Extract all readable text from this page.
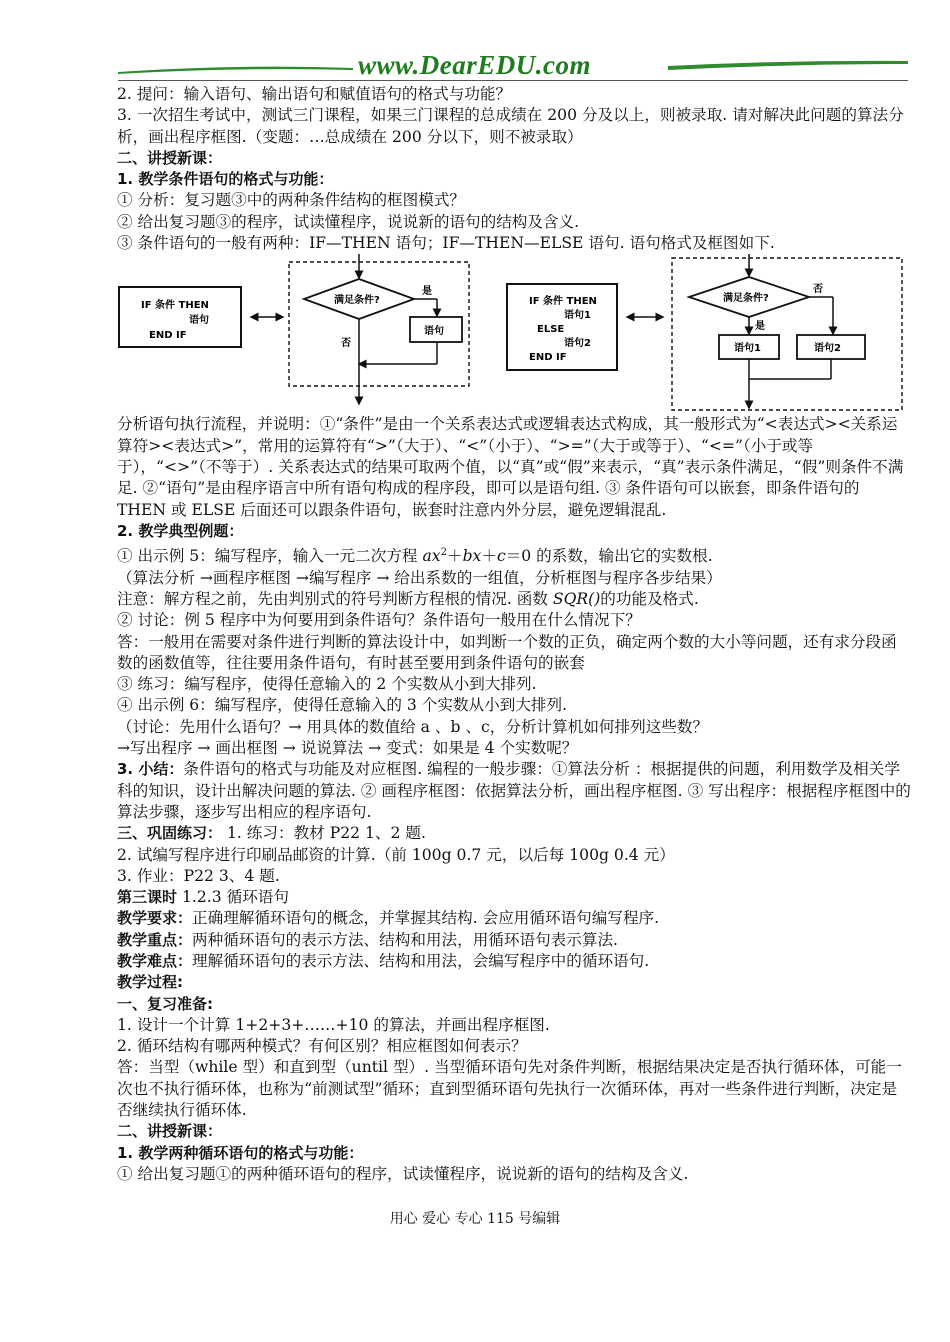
www.DearEDU.com

2. 提问：输入语句、输出语句和赋值语句的格式与功能？

3. 一次招生考试中，测试三门课程，如果三门课程的总成绩在 200 分及以上，则被录取. 请对解决此问题的算法分析，画出程序框图.（变题：…总成绩在 200 分以下，则不被录取）

二、讲授新课：

1. 教学条件语句的格式与功能：

① 分析：复习题③中的两种条件结构的框图模式？

② 给出复习题③的程序，试读懂程序，说说新的语句的结构及含义.

③ 条件语句的一般有两种：IF—THEN 语句；IF—THEN—ELSE 语句. 语句格式及框图如下.

IF 条件 THEN
语句
END IF
满足条件?
是
语句
否
IF 条件 THEN
语句1
ELSE
语句2
END IF
满足条件?
否
是
语句1	语句2

分析语句执行流程，并说明：①“条件”是由一个关系表达式或逻辑表达式构成，其一般形式为“<表达式><关系运算符><表达式>”，常用的运算符有“>”（大于）、“<”（小于）、“>=”（大于或等于）、“<=”（小于或等于），“<>”（不等于）. 关系表达式的结果可取两个值，以“真”或“假”来表示，“真”表示条件满足，“假”则条件不满足. ②“语句”是由程序语言中所有语句构成的程序段，即可以是语句组. ③ 条件语句可以嵌套，即条件语句的 THEN 或 ELSE 后面还可以跟条件语句，嵌套时注意内外分层，避免逻辑混乱.

2. 教学典型例题：

① 出示例 5：编写程序，输入一元二次方程 $ax^2+bx+c=0$ 的系数，输出它的实数根.

（算法分析 →画程序框图 →编写程序 → 给出系数的一组值，分析框图与程序各步结果）

注意：解方程之前，先由判别式的符号判断方程根的情况. 函数 SQR()的功能及格式.

② 讨论：例 5 程序中为何要用到条件语句？条件语句一般用在什么情况下？

答：一般用在需要对条件进行判断的算法设计中，如判断一个数的正负，确定两个数的大小等问题，还有求分段函数的函数值等，往往要用条件语句，有时甚至要用到条件语句的嵌套

③ 练习：编写程序，使得任意输入的 2 个实数从小到大排列.

④ 出示例 6：编写程序，使得任意输入的 3 个实数从小到大排列.

（讨论：先用什么语句？→ 用具体的数值给 a 、b 、c，分析计算机如何排列这些数？

→写出程序 → 画出框图 → 说说算法 → 变式：如果是 4 个实数呢？

3. 小结：条件语句的格式与功能及对应框图. 编程的一般步骤：①算法分析 ：根据提供的问题，利用数学及相关学科的知识，设计出解决问题的算法. ② 画程序框图：依据算法分析，画出程序框图. ③ 写出程序：根据程序框图中的算法步骤，逐步写出相应的程序语句.

三、巩固练习： 1. 练习：教材 P22 1、2 题.

2. 试编写程序进行印刷品邮资的计算.（前 100g 0.7 元，以后每 100g 0.4 元）

3. 作业：P22 3、4 题.

第三课时 1.2.3 循环语句

教学要求：正确理解循环语句的概念，并掌握其结构. 会应用循环语句编写程序.

教学重点：两种循环语句的表示方法、结构和用法，用循环语句表示算法.

教学难点：理解循环语句的表示方法、结构和用法，会编写程序中的循环语句.

教学过程:

一、复习准备:

1. 设计一个计算 1+2+3+……+10 的算法，并画出程序框图.

2. 循环结构有哪两种模式？有何区别？相应框图如何表示？

答：当型（while 型）和直到型（until 型）. 当型循环语句先对条件判断，根据结果决定是否执行循环体，可能一次也不执行循环体，也称为“前测试型”循环；直到型循环语句先执行一次循环体，再对一些条件进行判断，决定是否继续执行循环体.

二、讲授新课：

1. 教学两种循环语句的格式与功能：

① 给出复习题①的两种循环语句的程序，试读懂程序，说说新的语句的结构及含义.

用心 爱心 专心 115 号编辑
